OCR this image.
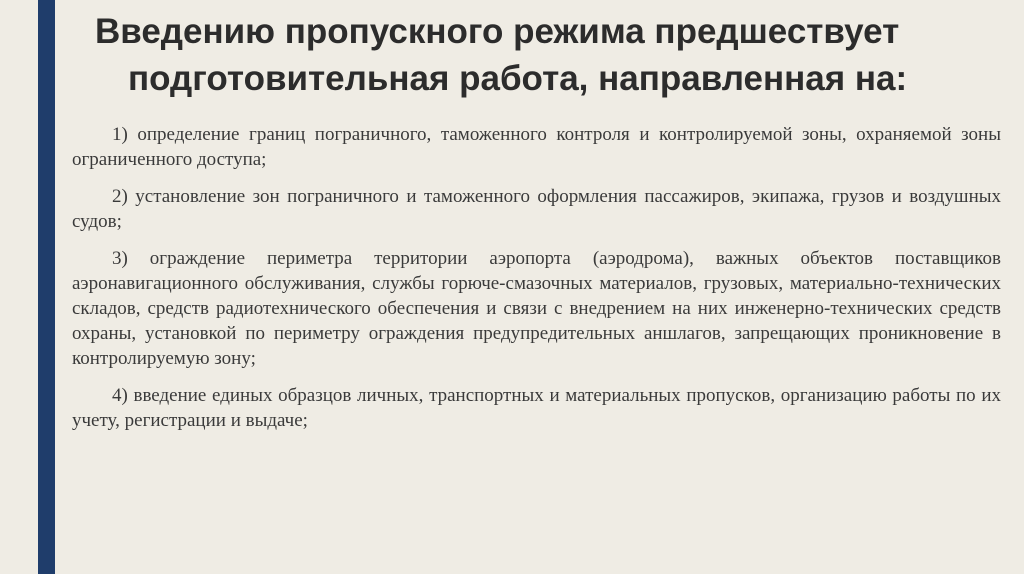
Введению пропускного режима предшествует
подготовительная работа, направленная на:

1) определение границ пограничного, таможенного контроля и контролируемой зоны, охраняемой зоны ограниченного доступа;

2) установление зон пограничного и таможенного оформления пассажиров, экипажа, грузов и воздушных судов;

3) ограждение периметра территории аэропорта (аэродрома), важных объектов поставщиков аэронавигационного обслуживания, службы горюче-смазочных материалов, грузовых, материально-технических складов, средств радиотехнического обеспечения и связи с внедрением на них инженерно-технических средств охраны, установкой по периметру ограждения предупредительных аншлагов, запрещающих проникновение в контролируемую зону;

4) введение единых образцов личных, транспортных и материальных пропусков, организацию работы по их учету, регистрации и выдаче;
